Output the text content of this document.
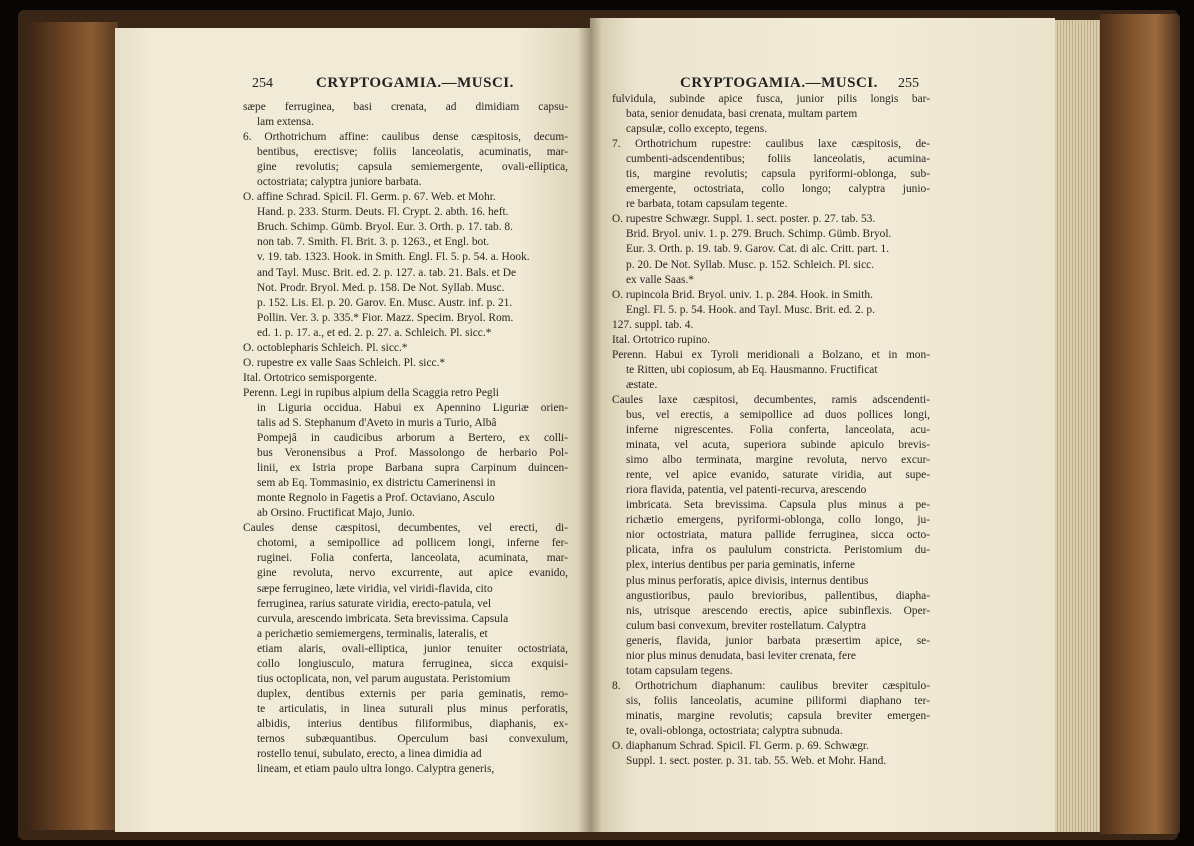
254	CRYPTOGAMIA.—MUSCI.	CRYPTOGAMIA.—MUSCI. 255

sæpe ferruginea, basi crenata, ad dimidiam capsu-

lam extensa.

6. Orthotrichum affine: caulibus dense cæspitosis, decum-

bentibus, erectisve; foliis lanceolatis, acuminatis, mar-

gine revolutis; capsula semiemergente, ovali-elliptica,

octostriata; calyptra juniore barbata.

O. affine Schrad. Spicil. Fl. Germ. p. 67. Web. et Mohr.

Hand. p. 233. Sturm. Deuts. Fl. Crypt. 2. abth. 16. heft.

Bruch. Schimp. Gümb. Bryol. Eur. 3. Orth. p. 17. tab. 8.

non tab. 7. Smith. Fl. Brit. 3. p. 1263., et Engl. bot.

v. 19. tab. 1323. Hook. in Smith. Engl. Fl. 5. p. 54. a. Hook.

and Tayl. Musc. Brit. ed. 2. p. 127. a. tab. 21. Bals. et De

Not. Prodr. Bryol. Med. p. 158. De Not. Syllab. Musc.

p. 152. Lis. El. p. 20. Garov. En. Musc. Austr. inf. p. 21.

Pollin. Ver. 3. p. 335.* Fior. Mazz. Specim. Bryol. Rom.

ed. 1. p. 17. a., et ed. 2. p. 27. a. Schleich. Pl. sicc.*

O. octoblepharis Schleich. Pl. sicc.*

O. rupestre ex valle Saas Schleich. Pl. sicc.*

Ital. Ortotrico semisporgente.

Perenn. Legi in rupibus alpium della Scaggia retro Pegli

in Liguria occidua. Habui ex Apennino Liguriæ orien-

talis ad S. Stephanum d'Aveto in muris a Turio, Albâ

Pompejâ in caudicibus arborum a Bertero, ex colli-

bus Veronensibus a Prof. Massolongo de herbario Pol-

linii, ex Istria prope Barbana supra Carpinum duincen-

sem ab Eq. Tommasinio, ex districtu Camerinensi in

monte Regnolo in Fagetis a Prof. Octaviano, Asculo

ab Orsino. Fructificat Majo, Junio.

Caules dense cæspitosi, decumbentes, vel erecti, di-

chotomi, a semipollice ad pollicem longi, inferne fer-

ruginei. Folia conferta, lanceolata, acuminata, mar-

gine revoluta, nervo excurrente, aut apice evanido,

sæpe ferrugineo, læte viridia, vel viridi-flavida, cito

ferruginea, rarius saturate viridia, erecto-patula, vel

curvula, arescendo imbricata. Seta brevissima. Capsula

a perichætio semiemergens, terminalis, lateralis, et

etiam alaris, ovali-elliptica, junior tenuiter octostriata,

collo longiusculo, matura ferruginea, sicca exquisi-

tius octoplicata, non, vel parum augustata. Peristomium

duplex, dentibus externis per paria geminatis, remo-

te articulatis, in linea suturali plus minus perforatis,

albidis, interius dentibus filiformibus, diaphanis, ex-

ternos subæquantibus. Operculum basi convexulum,

rostello tenui, subulato, erecto, a linea dimidia ad

lineam, et etiam paulo ultra longo. Calyptra generis,

fulvidula, subinde apice fusca, junior pilis longis bar-

bata, senior denudata, basi crenata, multam partem

capsulæ, collo excepto, tegens.

7. Orthotrichum rupestre: caulibus laxe cæspitosis, de-

cumbenti-adscendentibus; foliis lanceolatis, acumina-

tis, margine revolutis; capsula pyriformi-oblonga, sub-

emergente, octostriata, collo longo; calyptra junio-

re barbata, totam capsulam tegente.

O. rupestre Schwægr. Suppl. 1. sect. poster. p. 27. tab. 53.

Brid. Bryol. univ. 1. p. 279. Bruch. Schimp. Gümb. Bryol.

Eur. 3. Orth. p. 19. tab. 9. Garov. Cat. di alc. Critt. part. 1.

p. 20. De Not. Syllab. Musc. p. 152. Schleich. Pl. sicc.

ex valle Saas.*

O. rupincola Brid. Bryol. univ. 1. p. 284. Hook. in Smith.

Engl. Fl. 5. p. 54. Hook. and Tayl. Musc. Brit. ed. 2. p.

127. suppl. tab. 4.

Ital. Ortotrico rupino.

Perenn. Habui ex Tyroli meridionali a Bolzano, et in mon-

te Ritten, ubi copiosum, ab Eq. Hausmanno. Fructificat

æstate.

Caules laxe cæspitosi, decumbentes, ramis adscendenti-

bus, vel erectis, a semipollice ad duos pollices longi,

inferne nigrescentes. Folia conferta, lanceolata, acu-

minata, vel acuta, superiora subinde apiculo brevis-

simo albo terminata, margine revoluta, nervo excur-

rente, vel apice evanido, saturate viridia, aut supe-

riora flavida, patentia, vel patenti-recurva, arescendo

imbricata. Seta brevissima. Capsula plus minus a pe-

richætio emergens, pyriformi-oblonga, collo longo, ju-

nior octostriata, matura pallide ferruginea, sicca octo-

plicata, infra os paululum constricta. Peristomium du-

plex, interius dentibus per paria geminatis, inferne

plus minus perforatis, apice divisis, internus dentibus

angustioribus, paulo brevioribus, pallentibus, diapha-

nis, utrisque arescendo erectis, apice subinflexis. Oper-

culum basi convexum, breviter rostellatum. Calyptra

generis, flavida, junior barbata præsertim apice, se-

nior plus minus denudata, basi leviter crenata, fere

totam capsulam tegens.

8. Orthotrichum diaphanum: caulibus breviter cæspitulo-

sis, foliis lanceolatis, acumine piliformi diaphano ter-

minatis, margine revolutis; capsula breviter emergen-

te, ovali-oblonga, octostriata; calyptra subnuda.

O. diaphanum Schrad. Spicil. Fl. Germ. p. 69. Schwægr.

Suppl. 1. sect. poster. p. 31. tab. 55. Web. et Mohr. Hand.
